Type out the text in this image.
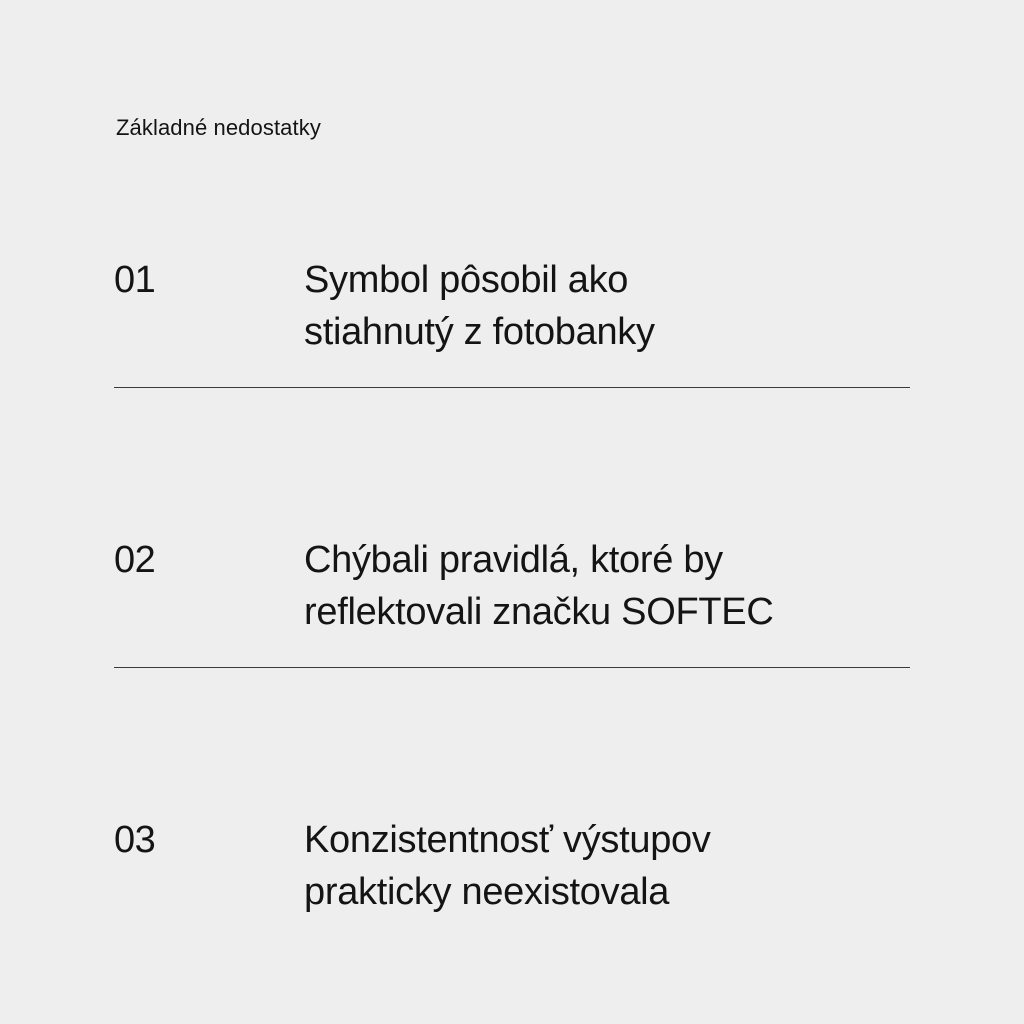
Základné nedostatky
01	Symbol pôsobil ako
stiahnutý z fotobanky
02	Chýbali pravidlá, ktoré by
reflektovali značku SOFTEC
03	Konzistentnosť výstupov
prakticky neexistovala
